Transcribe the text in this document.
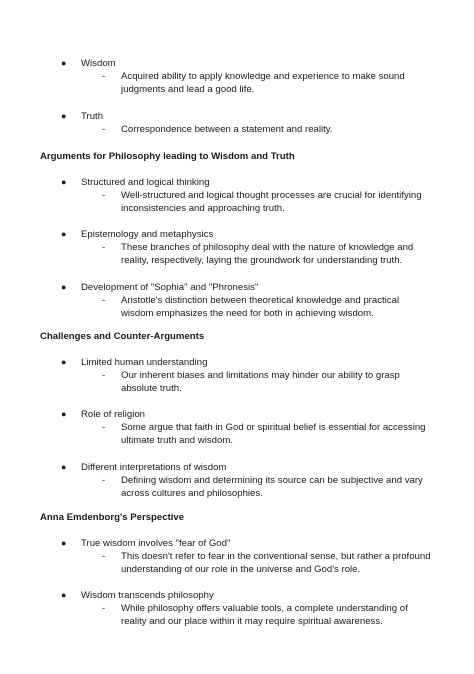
● Wisdom
- Acquired ability to apply knowledge and experience to make sound judgments and lead a good life.
● Truth
- Correspondence between a statement and reality.
Arguments for Philosophy leading to Wisdom and Truth
● Structured and logical thinking
- Well-structured and logical thought processes are crucial for identifying inconsistencies and approaching truth.
● Epistemology and metaphysics
- These branches of philosophy deal with the nature of knowledge and reality, respectively, laying the groundwork for understanding truth.
● Development of "Sophia" and "Phronesis"
- Aristotle's distinction between theoretical knowledge and practical wisdom emphasizes the need for both in achieving wisdom.
Challenges and Counter-Arguments
● Limited human understanding
- Our inherent biases and limitations may hinder our ability to grasp absolute truth.
● Role of religion
- Some argue that faith in God or spiritual belief is essential for accessing ultimate truth and wisdom.
● Different interpretations of wisdom
- Defining wisdom and determining its source can be subjective and vary across cultures and philosophies.
Anna Emdenborg's Perspective
● True wisdom involves "fear of God"
- This doesn't refer to fear in the conventional sense, but rather a profound understanding of our role in the universe and God's role.
● Wisdom transcends philosophy
- While philosophy offers valuable tools, a complete understanding of reality and our place within it may require spiritual awareness.
